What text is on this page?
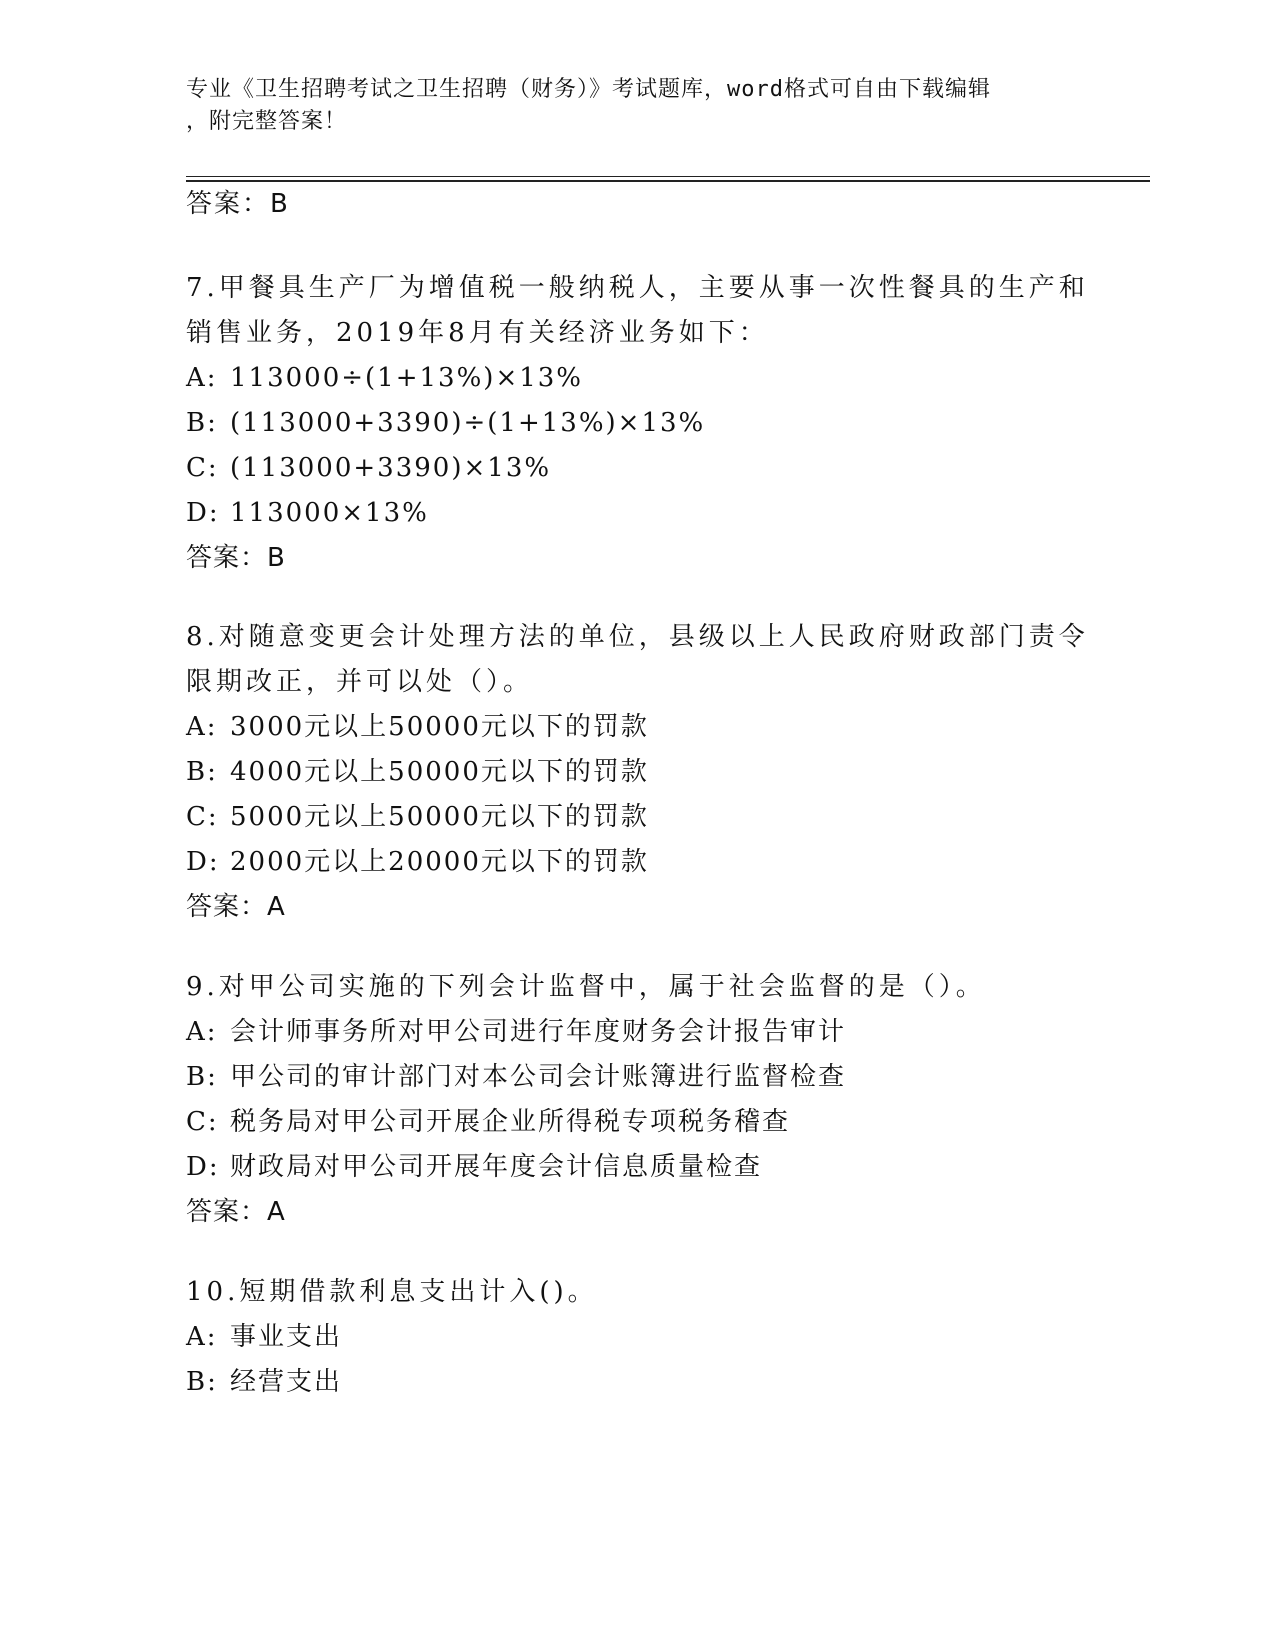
专业《卫生招聘考试之卫生招聘（财务）》考试题库，word格式可自由下载编辑
，附完整答案！
答案：B
7.甲餐具生产厂为增值税一般纳税人，主要从事一次性餐具的生产和
销售业务，2019年8月有关经济业务如下：
A: 113000÷(1+13%)×13%
B: (113000+3390)÷(1+13%)×13%
C: (113000+3390)×13%
D: 113000×13%
答案：B
8.对随意变更会计处理方法的单位，县级以上人民政府财政部门责令
限期改正，并可以处（）。
A: 3000元以上50000元以下的罚款
B: 4000元以上50000元以下的罚款
C: 5000元以上50000元以下的罚款
D: 2000元以上20000元以下的罚款
答案：A
9.对甲公司实施的下列会计监督中，属于社会监督的是（）。
A: 会计师事务所对甲公司进行年度财务会计报告审计
B: 甲公司的审计部门对本公司会计账簿进行监督检查
C: 税务局对甲公司开展企业所得税专项税务稽查
D: 财政局对甲公司开展年度会计信息质量检查
答案：A
10.短期借款利息支出计入()。
A: 事业支出
B: 经营支出
